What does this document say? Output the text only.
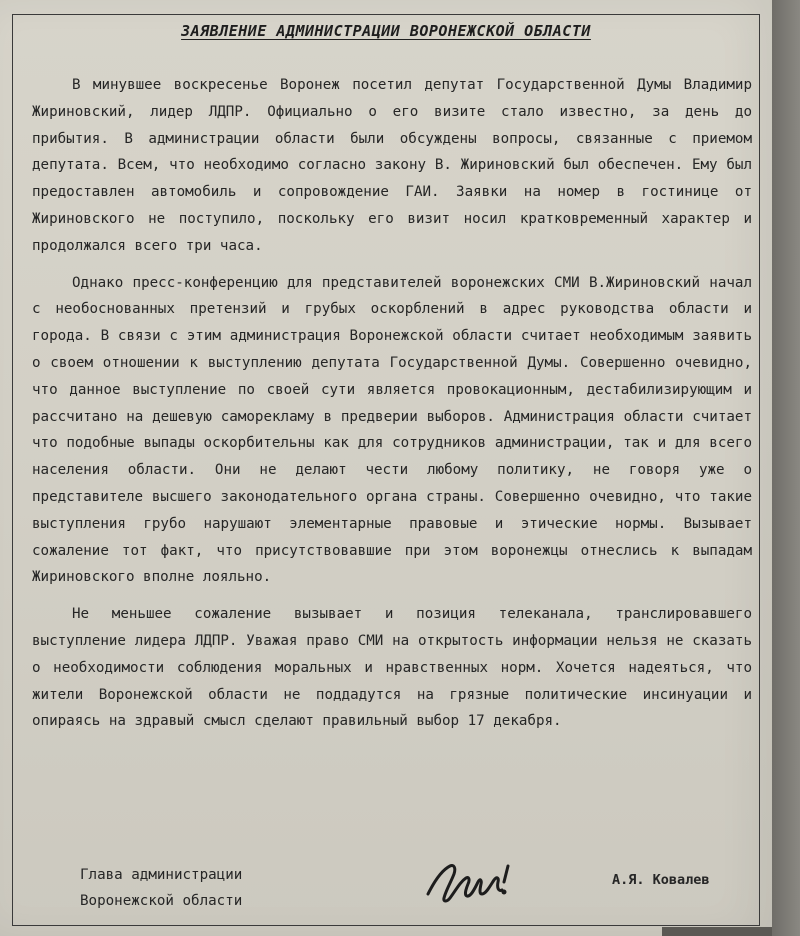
ЗАЯВЛЕНИЕ АДМИНИСТРАЦИИ ВОРОНЕЖСКОЙ ОБЛАСТИ

В минувшее воскресенье Воронеж посетил депутат Государственной Думы Владимир Жириновский, лидер ЛДПР. Официально о его визите стало известно, за день до прибытия. В администрации области были обсуждены вопросы, связанные с приемом депутата. Всем, что необходимо согласно закону В. Жириновский был обеспечен. Ему был предоставлен автомобиль и сопровождение ГАИ. Заявки на номер в гостинице от Жириновского не поступило, поскольку его визит носил кратковременный характер и продолжался всего три часа.

Однако пресс-конференцию для представителей воронежских СМИ В.Жириновский начал с необоснованных претензий и грубых оскорблений в адрес руководства области и города. В связи с этим администрация Воронежской области считает необходимым заявить о своем отношении к выступлению депутата Государственной Думы. Совершенно очевидно, что данное выступление по своей сути является провокационным, дестабилизирующим и рассчитано на дешевую саморекламу в предверии выборов. Администрация области считает что подобные выпады оскорбительны как для сотрудников администрации, так и для всего населения области. Они не делают чести любому политику, не говоря уже о представителе высшего законодательного органа страны. Совершенно очевидно, что такие выступления грубо нарушают элементарные правовые и этические нормы. Вызывает сожаление тот факт, что присутствовавшие при этом воронежцы отнеслись к выпадам Жириновского вполне лояльно.

Не меньшее сожаление вызывает и позиция телеканала, транслировавшего выступление лидера ЛДПР. Уважая право СМИ на открытость информации нельзя не сказать о необходимости соблюдения моральных и нравственных норм. Хочется надеяться, что жители Воронежской области не поддадутся на грязные политические инсинуации и опираясь на здравый смысл сделают правильный выбор 17 декабря.

Глава администрации
Воронежской области
А.Я. Ковалев
